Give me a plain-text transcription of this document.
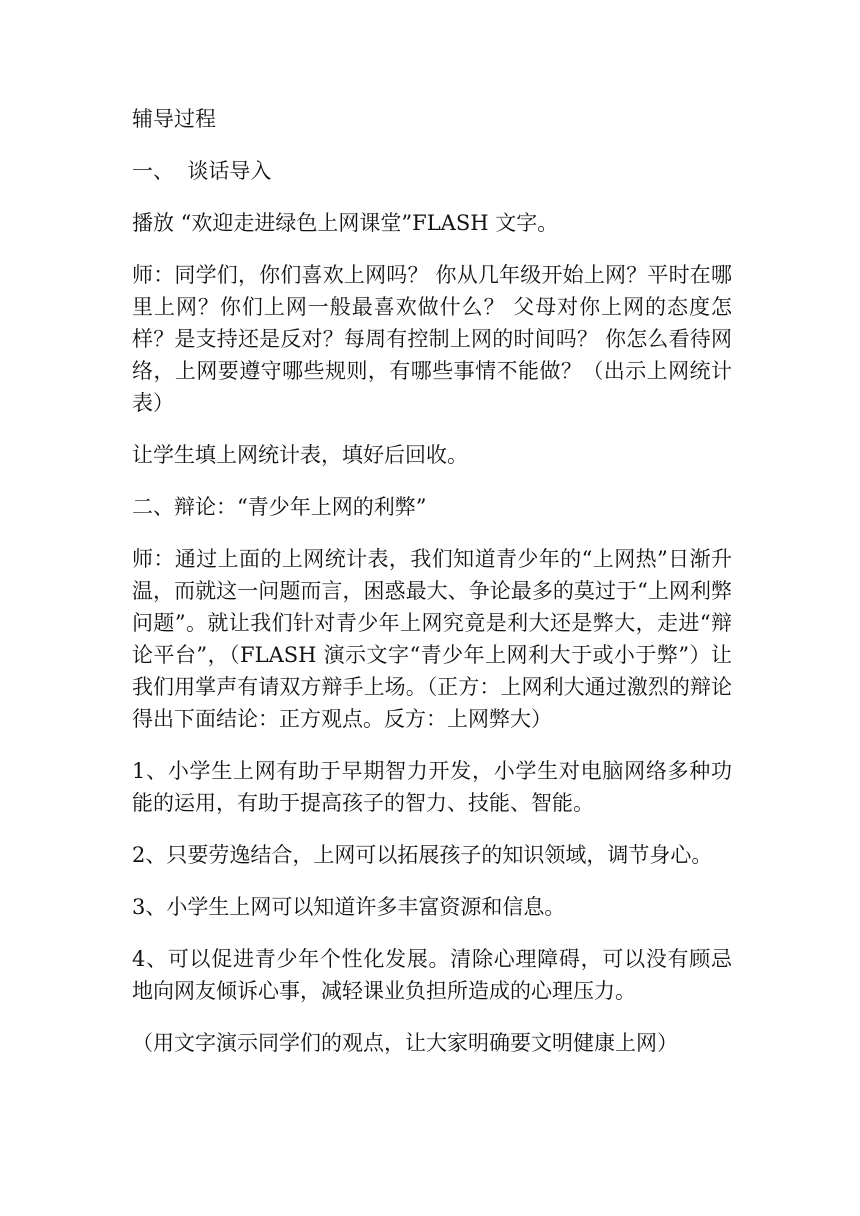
辅导过程

一、  谈话导入

播放 “欢迎走进绿色上网课堂”FLASH 文字。

师：同学们，你们喜欢上网吗？ 你从几年级开始上网？平时在哪里上网？你们上网一般最喜欢做什么？ 父母对你上网的态度怎样？是支持还是反对？每周有控制上网的时间吗？ 你怎么看待网络，上网要遵守哪些规则，有哪些事情不能做？（出示上网统计表）

让学生填上网统计表，填好后回收。

二、辩论：“青少年上网的利弊”

师：通过上面的上网统计表，我们知道青少年的“上网热”日渐升温，而就这一问题而言，困惑最大、争论最多的莫过于“上网利弊问题”。就让我们针对青少年上网究竟是利大还是弊大，走进“辩论平台”，（FLASH 演示文字“青少年上网利大于或小于弊”）让我们用掌声有请双方辩手上场。（正方：上网利大通过激烈的辩论得出下面结论：正方观点。反方：上网弊大）

1、小学生上网有助于早期智力开发，小学生对电脑网络多种功能的运用，有助于提高孩子的智力、技能、智能。

2、只要劳逸结合，上网可以拓展孩子的知识领域，调节身心。

3、小学生上网可以知道许多丰富资源和信息。

4、可以促进青少年个性化发展。清除心理障碍，可以没有顾忌地向网友倾诉心事，减轻课业负担所造成的心理压力。

（用文字演示同学们的观点，让大家明确要文明健康上网）
